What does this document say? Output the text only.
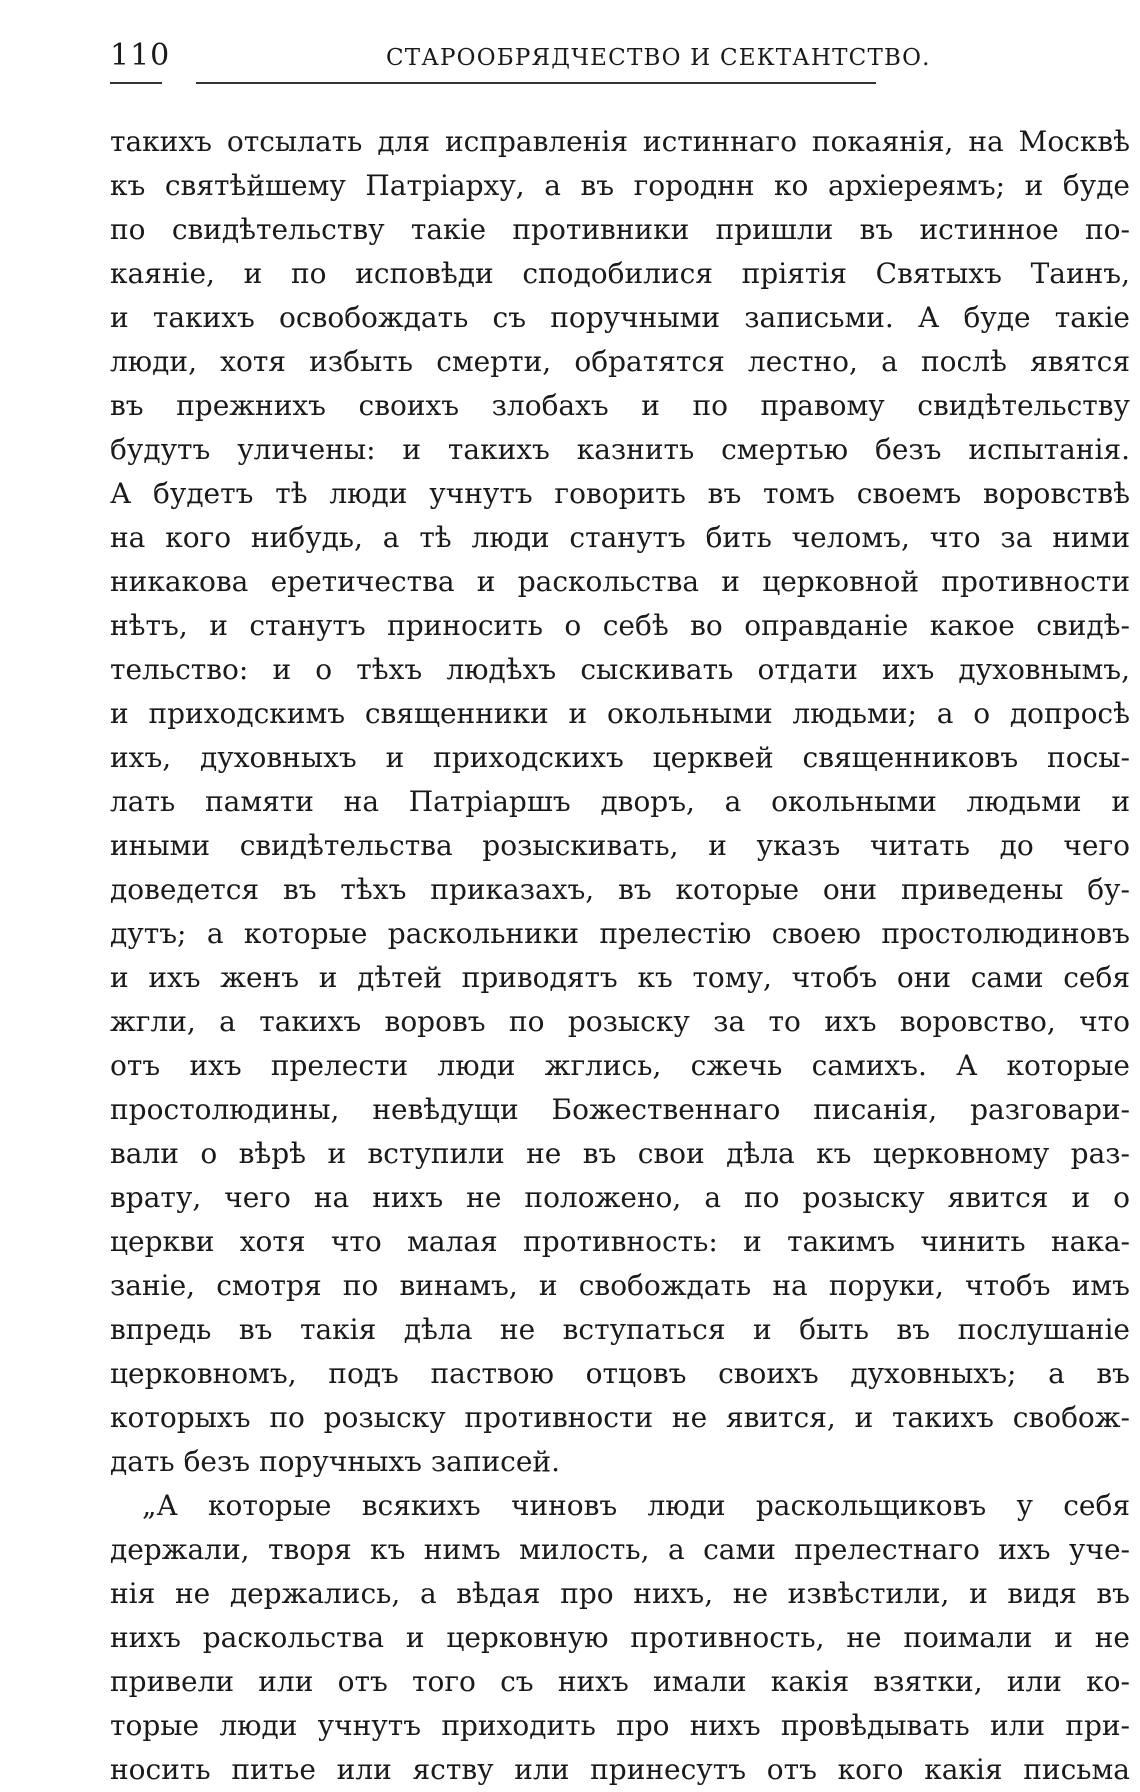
110	СТАРООБРЯДЧЕСТВО И СЕКТАНТСТВО.
такихъ отсылать для исправленія истиннаго покаянія, на Москвѣ
къ святѣйшему Патріарху, а въ городнн ко архіереямъ; и буде
по свидѣтельству такіе противники пришли въ истинное по-
каяніе, и по исповѣди сподобилися пріятія Святыхъ Таинъ,
и такихъ освобождать съ поручными записьми. А буде такіе
люди, хотя избыть смерти, обратятся лестно, а послѣ явятся
въ прежнихъ своихъ злобахъ и по правому свидѣтельству
будутъ уличены: и такихъ казнить смертью безъ испытанія.
А будетъ тѣ люди учнутъ говорить въ томъ своемъ воровствѣ
на кого нибудь, а тѣ люди станутъ бить челомъ, что за ними
никакова еретичества и раскольства и церковной противности
нѣтъ, и станутъ приносить о себѣ во оправданіе какое свидѣ-
тельство: и о тѣхъ людѣхъ сыскивать отдати ихъ духовнымъ,
и приходскимъ священники и окольными людьми; а о допросѣ
ихъ, духовныхъ и приходскихъ церквей священниковъ посы-
лать памяти на Патріаршъ дворъ, а окольными людьми и
иными свидѣтельства розыскивать, и указъ читать до чего
доведется въ тѣхъ приказахъ, въ которые они приведены бу-
дутъ; а которые раскольники прелестію своею простолюдиновъ
и ихъ женъ и дѣтей приводятъ къ тому, чтобъ они сами себя
жгли, а такихъ воровъ по розыску за то ихъ воровство, что
отъ ихъ прелести люди жглись, сжечь самихъ. А которые
простолюдины, невѣдущи Божественнаго писанія, разговари-
вали о вѣрѣ и вступили не въ свои дѣла къ церковному раз-
врату, чего на нихъ не положено, а по розыску явится и о
церкви хотя что малая противность: и такимъ чинить нака-
заніе, смотря по винамъ, и свобождать на поруки, чтобъ имъ
впредь въ такія дѣла не вступаться и быть въ послушаніе
церковномъ, подъ паствою отцовъ своихъ духовныхъ; а въ
которыхъ по розыску противности не явится, и такихъ свобож-
дать безъ поручныхъ записей.
„А которые всякихъ чиновъ люди раскольщиковъ у себя
держали, творя къ нимъ милость, а сами прелестнаго ихъ уче-
нія не держались, а вѣдая про нихъ, не извѣстили, и видя въ
нихъ раскольства и церковную противность, не поимали и не
привели или отъ того съ нихъ имали какія взятки, или ко-
торые люди учнутъ приходить про нихъ провѣдывать или при-
носить питье или яству или принесутъ отъ кого какія письма
